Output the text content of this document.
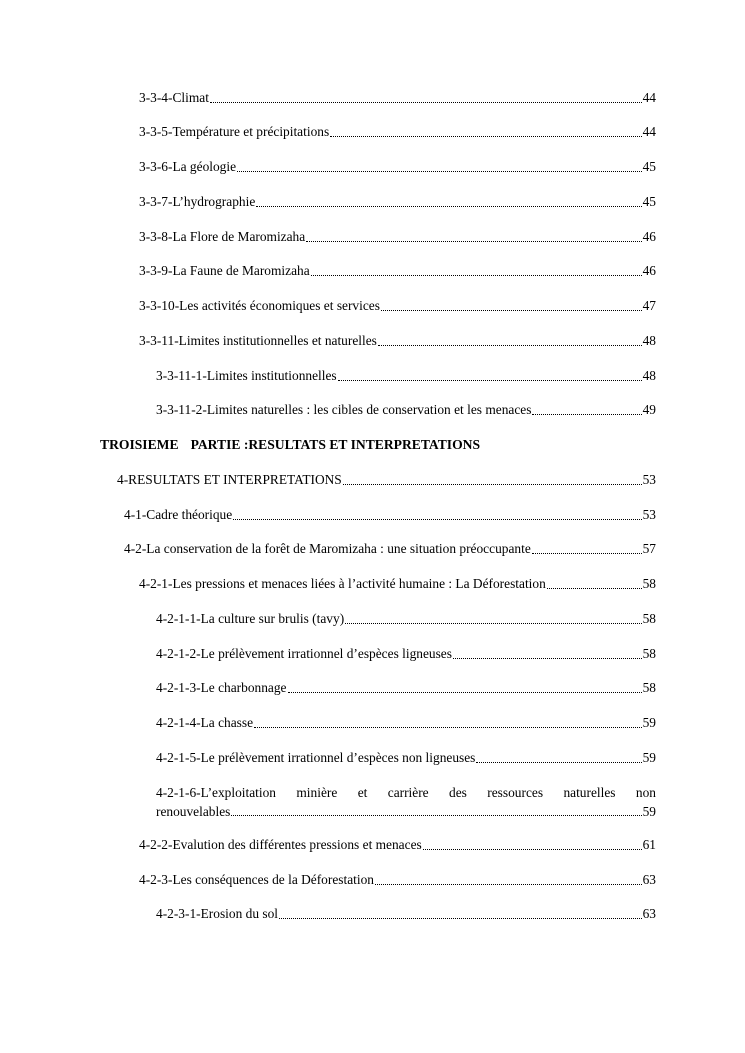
3-3-4-Climat	44
3-3-5-Température et précipitations	44
3-3-6-La géologie	45
3-3-7-L’hydrographie	45
3-3-8-La Flore de Maromizaha	46
3-3-9-La Faune de Maromizaha	46
3-3-10-Les activités économiques et services	47
3-3-11-Limites institutionnelles et naturelles	48
3-3-11-1-Limites institutionnelles	48
3-3-11-2-Limites naturelles : les cibles de conservation et les menaces	49
TROISIEME PARTIE :RESULTATS ET INTERPRETATIONS
4-RESULTATS ET INTERPRETATIONS	53
4-1-Cadre théorique	53
4-2-La conservation de la forêt de Maromizaha : une situation préoccupante	57
4-2-1-Les pressions et menaces liées à l’activité humaine : La Déforestation	58
4-2-1-1-La culture sur brulis (tavy)	58
4-2-1-2-Le prélèvement irrationnel d’espèces ligneuses	58
4-2-1-3-Le charbonnage	58
4-2-1-4-La chasse	59
4-2-1-5-Le prélèvement irrationnel d’espèces non ligneuses	59
4-2-1-6-L’exploitation minière et carrière des ressources naturelles non
renouvelables	59
4-2-2-Evalution des différentes pressions et menaces	61
4-2-3-Les conséquences de la Déforestation	63
4-2-3-1-Erosion du sol	63
